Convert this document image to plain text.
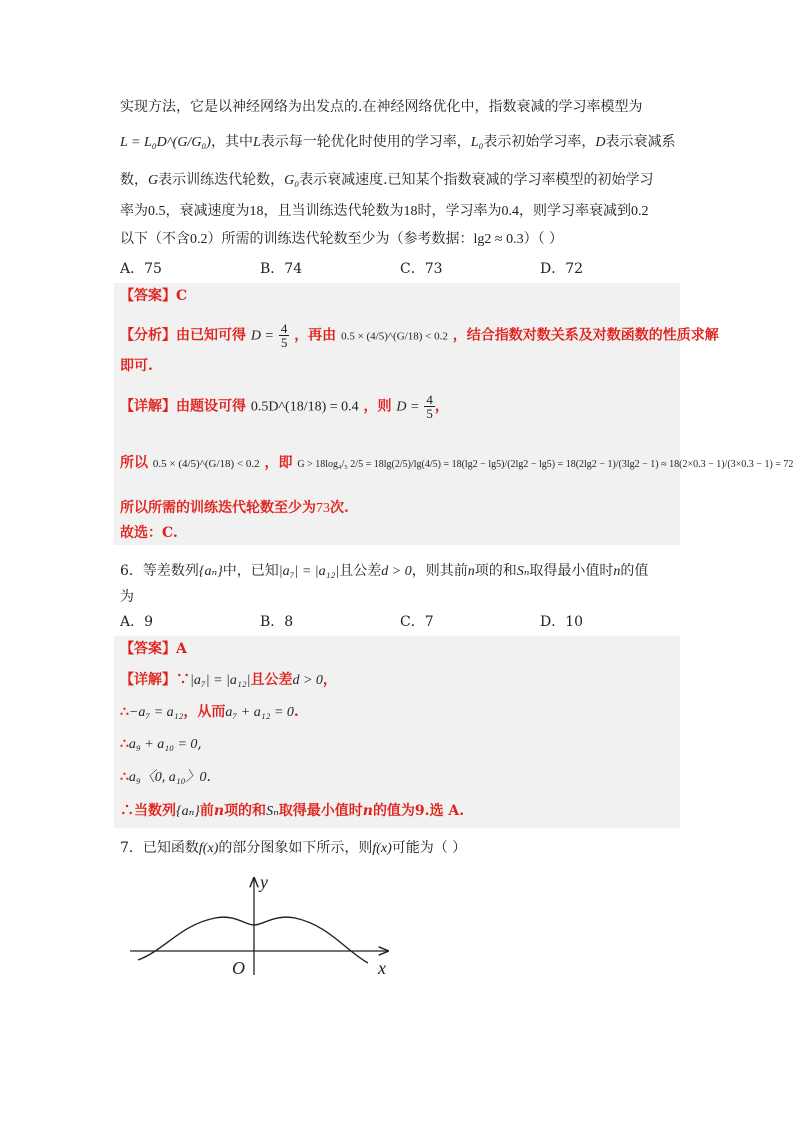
实现方法，它是以神经网络为出发点的.在神经网络优化中，指数衰减的学习率模型为
L = L₀D^(G/G₀)，其中L表示每一轮优化时使用的学习率，L₀表示初始学习率，D表示衰减系
数，G表示训练迭代轮数，G₀表示衰减速度.已知某个指数衰减的学习率模型的初始学习
率为0.5，衰减速度为18，且当训练迭代轮数为18时，学习率为0.4，则学习率衰减到0.2
以下（不含0.2）所需的训练迭代轮数至少为（参考数据：lg2 ≈ 0.3）（ ）
A．75	B．74	C．73	D．72
【答案】C
【分析】由已知可得 $D = \frac{4}{5}$ ，再由 0.5 × (4/5)^(G/18) < 0.2 ，结合指数对数关系及对数函数的性质求解
即可.
【详解】由题设可得 0.5D^(18/18) = 0.4 ，则 $D = \frac{4}{5}$ ，
所以 0.5 × (4/5)^(G/18) < 0.2 ，即 G > 18log₄/₅ 2/5 = 18lg(2/5)/lg(4/5) = 18(lg2 − lg5)/(2lg2 − lg5) = 18(2lg2 − 1)/(3lg2 − 1) ≈ 18(2×0.3 − 1)/(3×0.3 − 1) = 72
所以所需的训练迭代轮数至少为73次.
故选：C.
6．等差数列{aₙ}中，已知|a₇| = |a₁₂|且公差d > 0，则其前n项的和Sₙ取得最小值时n的值
为
A．9	B．8	C．7	D．10
【答案】A
【详解】∵|a₇| = |a₁₂|且公差d > 0，
∴−a₇ = a₁₂，从而a₇ + a₁₂ = 0.
∴a₉ + a₁₀ = 0,
∴a₉〈0, a₁₀〉0.
∴当数列{aₙ}前n项的和Sₙ取得最小值时n的值为9.选 A.
7．已知函数f(x)的部分图象如下所示，则f(x)可能为（ ）
y
x
O
